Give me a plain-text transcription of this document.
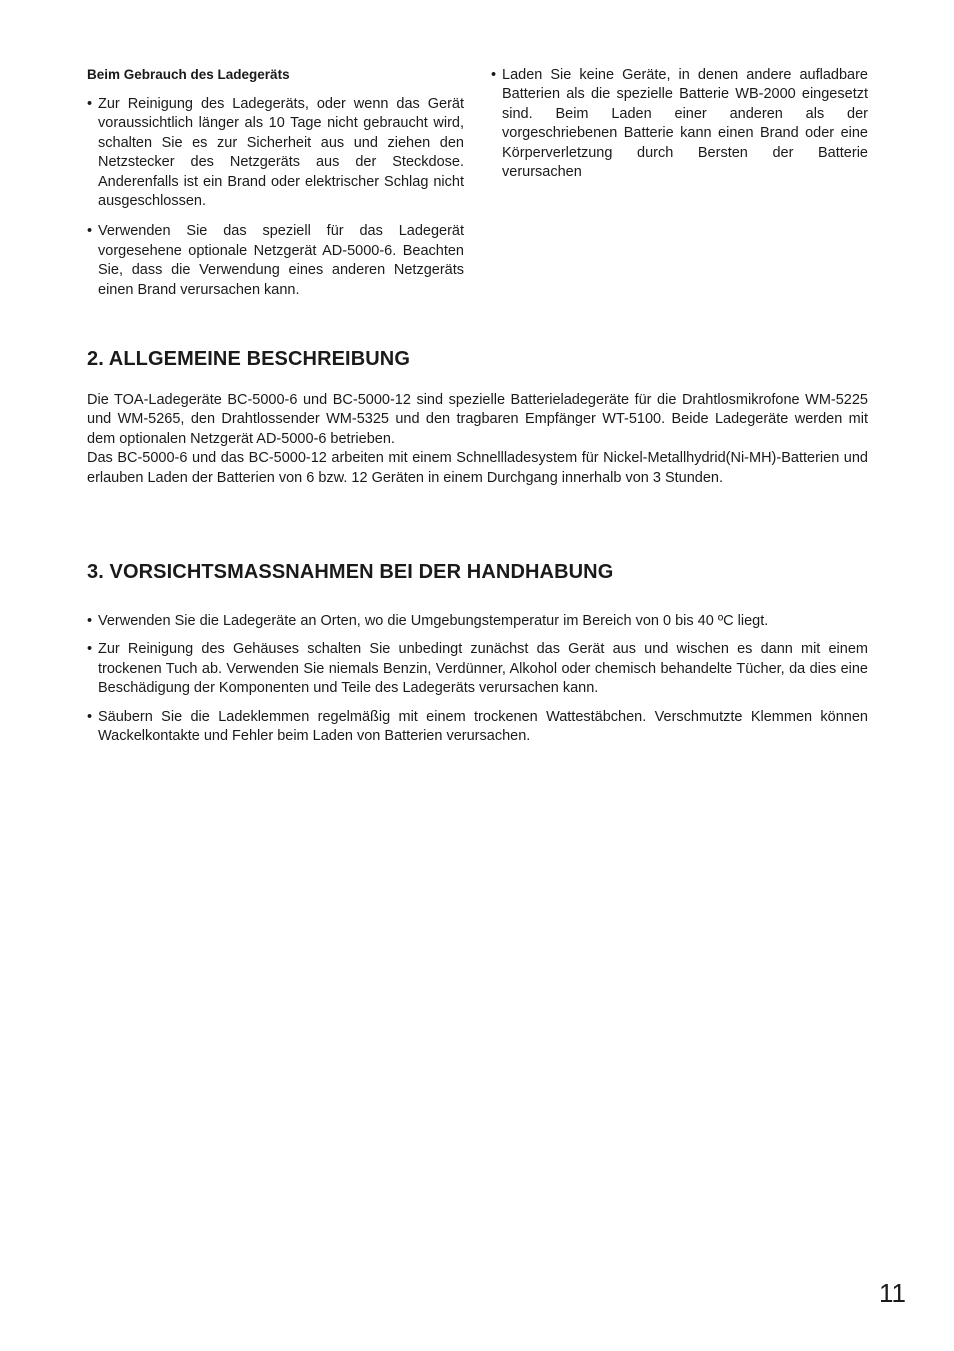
Beim Gebrauch des Ladegeräts

• Zur Reinigung des Ladegeräts, oder wenn das Gerät voraussichtlich länger als 10 Tage nicht gebraucht wird, schalten Sie es zur Sicherheit aus und ziehen den Netzstecker des Netzgeräts aus der Steckdose. Anderenfalls ist ein Brand oder elektrischer Schlag nicht ausgeschlossen.
• Verwenden Sie das speziell für das Ladegerät vorgesehene optionale Netzgerät AD-5000-6. Beachten Sie, dass die Verwendung eines anderen Netzgeräts einen Brand verursachen kann.
• Laden Sie keine Geräte, in denen andere aufladbare Batterien als die spezielle Batterie WB-2000 eingesetzt sind. Beim Laden einer anderen als der vorgeschriebenen Batterie kann einen Brand oder eine Körperverletzung durch Bersten der Batterie verursachen
2. ALLGEMEINE BESCHREIBUNG

Die TOA-Ladegeräte BC-5000-6 und BC-5000-12 sind spezielle Batterieladegeräte für die Drahtlosmikrofone WM-5225 und WM-5265, den Drahtlossender WM-5325 und den tragbaren Empfänger WT-5100. Beide Ladegeräte werden mit dem optionalen Netzgerät AD-5000-6 betrieben.

Das BC-5000-6 und das BC-5000-12 arbeiten mit einem Schnellladesystem für Nickel-Metallhydrid(Ni-MH)-Batterien und erlauben Laden der Batterien von 6 bzw. 12 Geräten in einem Durchgang innerhalb von 3 Stunden.

3. VORSICHTSMASSNAHMEN BEI DER HANDHABUNG
• Verwenden Sie die Ladegeräte an Orten, wo die Umgebungstemperatur im Bereich von 0 bis 40 ºC liegt.
• Zur Reinigung des Gehäuses schalten Sie unbedingt zunächst das Gerät aus und wischen es dann mit einem trockenen Tuch ab. Verwenden Sie niemals Benzin, Verdünner, Alkohol oder chemisch behandelte Tücher, da dies eine Beschädigung der Komponenten und Teile des Ladegeräts verursachen kann.
• Säubern Sie die Ladeklemmen regelmäßig mit einem trockenen Wattestäbchen. Verschmutzte Klemmen können Wackelkontakte und Fehler beim Laden von Batterien verursachen.
11
